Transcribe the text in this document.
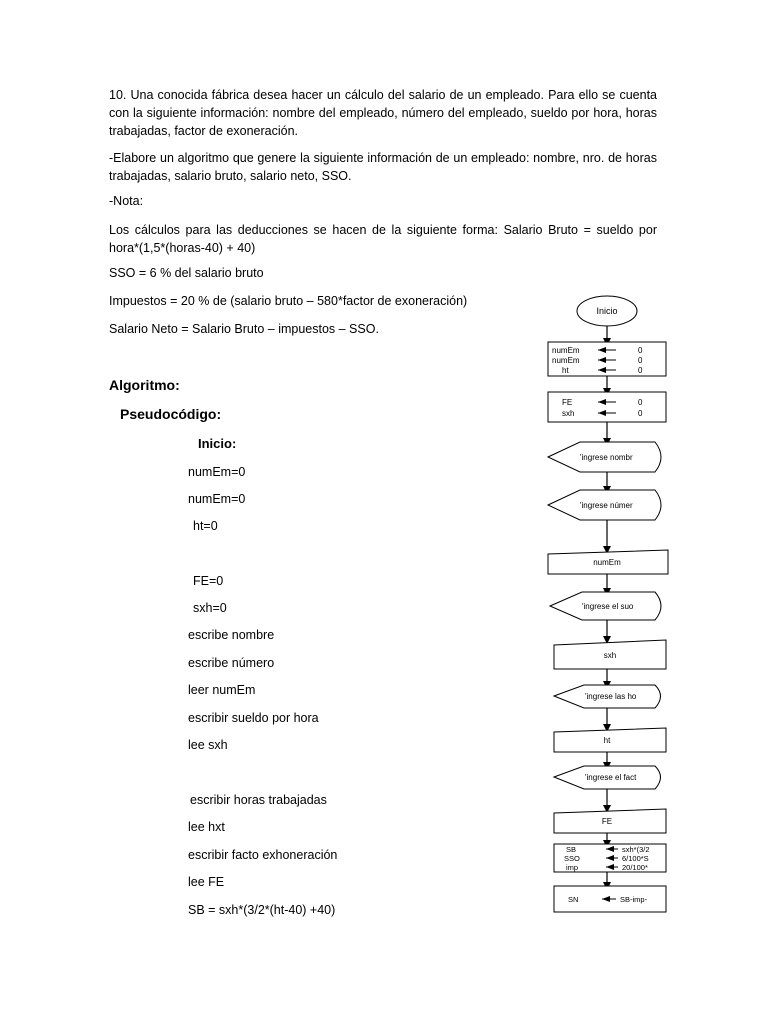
10. Una conocida fábrica desea hacer un cálculo del salario de un empleado. Para ello se cuenta con la siguiente información: nombre del empleado, número del empleado, sueldo por hora, horas trabajadas, factor de exoneración.

-Elabore un algoritmo que genere la siguiente información de un empleado: nombre, nro. de horas trabajadas, salario bruto, salario neto, SSO.

-Nota:

Los cálculos para las deducciones se hacen de la siguiente forma: Salario Bruto = sueldo por hora*(1,5*(horas-40) + 40)

SSO = 6 % del salario bruto

Impuestos = 20 % de (salario bruto – 580*factor de exoneración)

Salario Neto = Salario Bruto – impuestos – SSO.

Algoritmo:

Pseudocódigo:

Inicio:

numEm=0

numEm=0

ht=0

FE=0

sxh=0

escribe nombre

escribe número

leer numEm

escribir sueldo por hora

lee sxh

escribir horas trabajadas

lee hxt

escribir facto exhoneración

lee FE

SB = sxh*(3/2*(ht-40) +40)

Inicio
numEm	0
numEm	0
ht	0
FE	0
sxh	0
'ingrese nombr
'ingrese númer
numEm
'ingrese el suo
sxh
'ingrese las ho
ht
'ingrese el fact
FE
SB	sxh*(3/2
SSO	6/100*S
imp	20/100*
SN	SB-imp-
